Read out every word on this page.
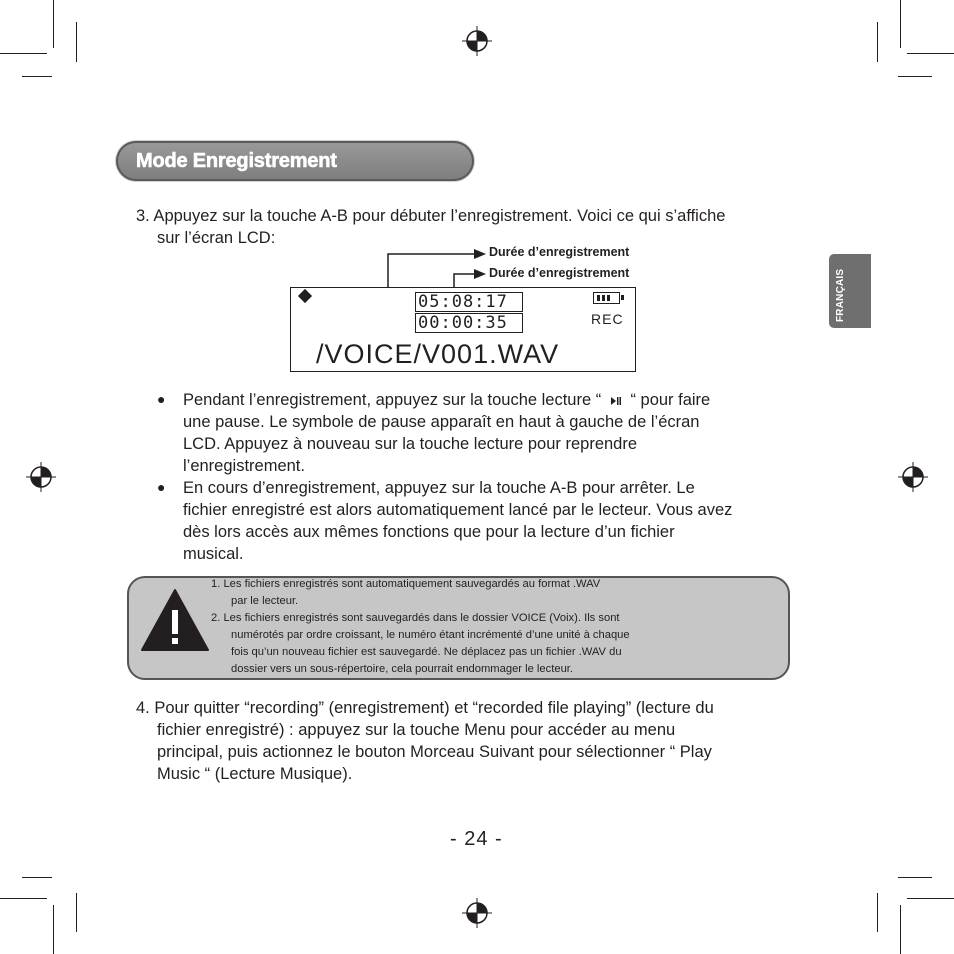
Mode Enregistrement
FRANÇAIS
3. Appuyez sur la touche A-B pour débuter l’enregistrement. Voici ce qui s’affiche
sur l’écran LCD:
Durée d’enregistrement
Durée d’enregistrement
05:08:17
00:00:35	REC
/VOICE/V001.WAV
● Pendant l’enregistrement, appuyez sur la touche lecture “ “ pour faire
une pause. Le symbole de pause apparaît en haut à gauche de l’écran
LCD. Appuyez à nouveau sur la touche lecture pour reprendre
l’enregistrement.
● En cours d’enregistrement, appuyez sur la touche A-B pour arrêter. Le
fichier enregistré est alors automatiquement lancé par le lecteur. Vous avez
dès lors accès aux mêmes fonctions que pour la lecture d’un fichier
musical.
1. Les fichiers enregistrés sont automatiquement sauvegardés au format .WAV
par le lecteur.
2. Les fichiers enregistrés sont sauvegardés dans le dossier VOICE (Voix). Ils sont
numérotés par ordre croissant, le numéro étant incrémenté d’une unité à chaque
fois qu’un nouveau fichier est sauvegardé. Ne déplacez pas un fichier .WAV du
dossier vers un sous-répertoire, cela pourrait endommager le lecteur.
4. Pour quitter “recording” (enregistrement) et “recorded file playing” (lecture du
fichier enregistré) : appuyez sur la touche Menu pour accéder au menu
principal, puis actionnez le bouton Morceau Suivant pour sélectionner “ Play
Music “ (Lecture Musique).
- 24 -
